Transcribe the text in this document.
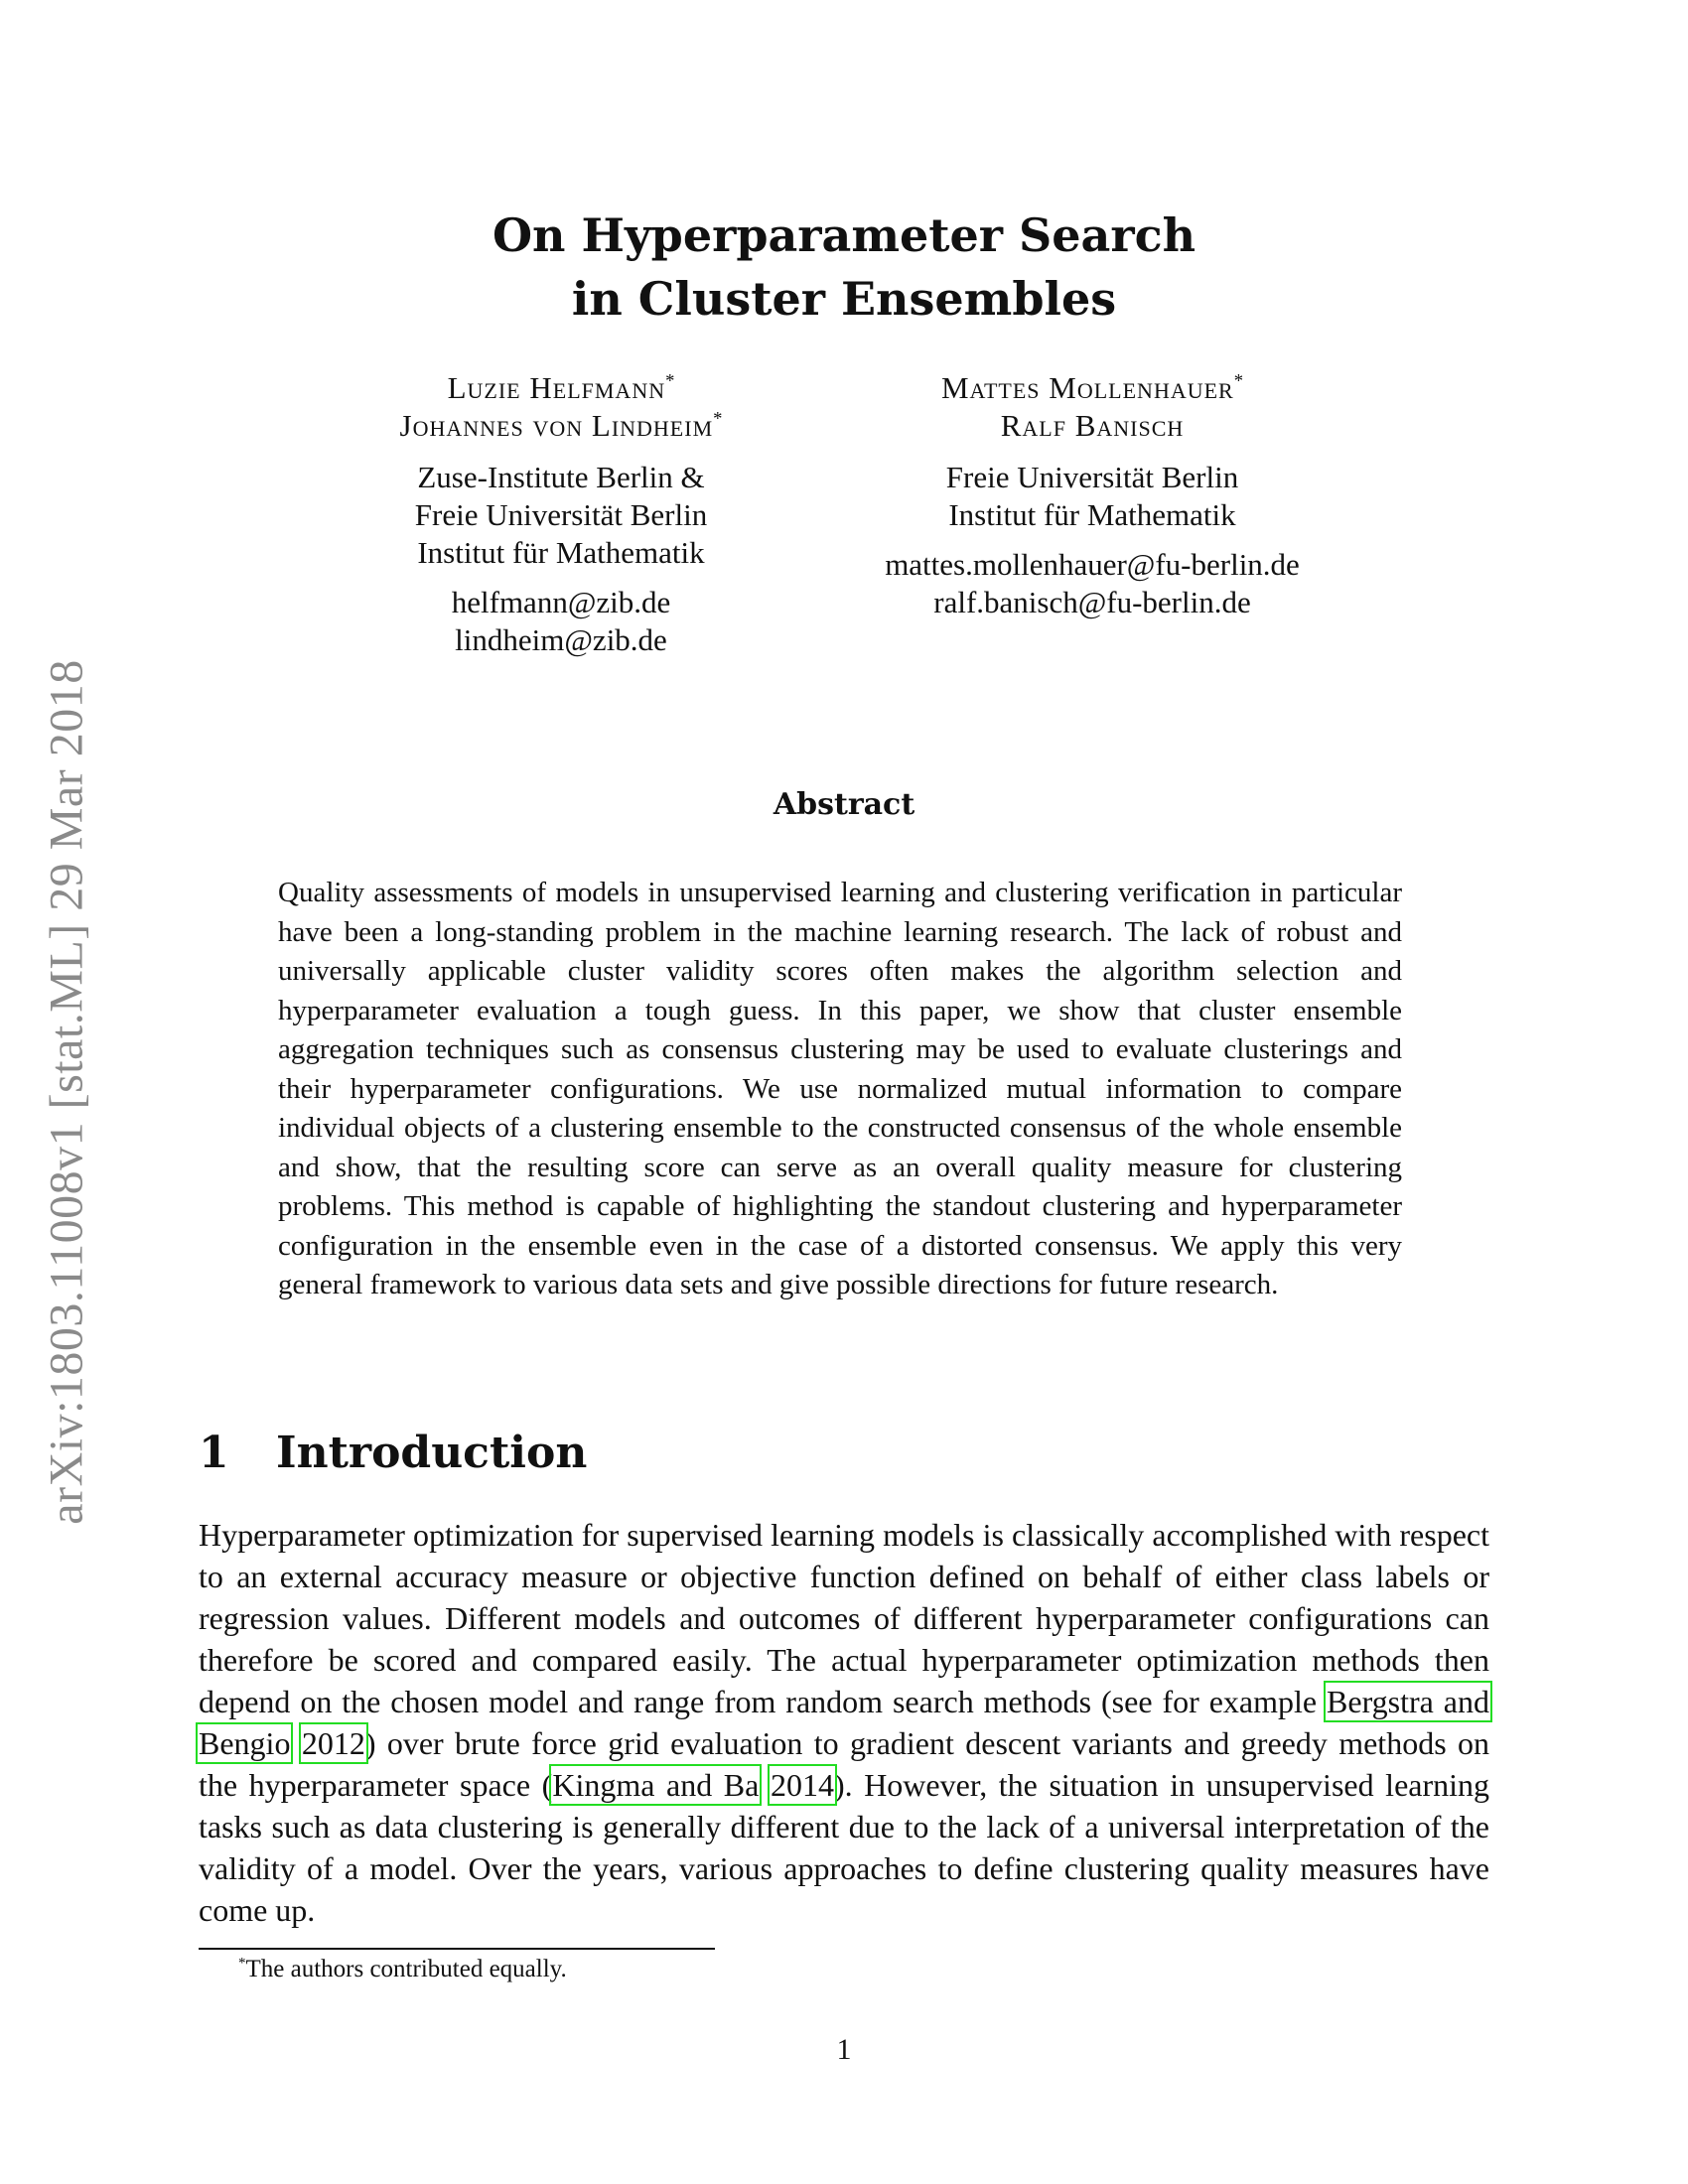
arXiv:1803.11008v1 [stat.ML] 29 Mar 2018
On Hyperparameter Search
in Cluster Ensembles
Luzie Helfmann*
Johannes von Lindheim*
Zuse-Institute Berlin &
Freie Universität Berlin
Institut für Mathematik
helfmann@zib.de
lindheim@zib.de
Mattes Mollenhauer*
Ralf Banisch
Freie Universität Berlin
Institut für Mathematik
mattes.mollenhauer@fu-berlin.de
ralf.banisch@fu-berlin.de
Abstract
Quality assessments of models in unsupervised learning and clustering verification in particular have been a long-standing problem in the machine learning research. The lack of robust and universally applicable cluster validity scores often makes the algorithm selection and hyperparameter evaluation a tough guess. In this paper, we show that cluster ensemble aggregation techniques such as consensus clustering may be used to evaluate clusterings and their hyperparameter configurations. We use normalized mutual information to compare individual objects of a clustering ensemble to the constructed consensus of the whole ensemble and show, that the resulting score can serve as an overall quality measure for clustering problems. This method is capable of highlighting the standout clustering and hyperparameter configuration in the ensemble even in the case of a distorted consensus. We apply this very general framework to various data sets and give possible directions for future research.
1 Introduction
Hyperparameter optimization for supervised learning models is classically accomplished with respect to an external accuracy measure or objective function defined on behalf of either class labels or regression values. Different models and outcomes of different hyperparameter configurations can therefore be scored and compared easily. The actual hyperparameter optimization methods then depend on the chosen model and range from random search methods (see for example Bergstra and Bengio 2012) over brute force grid evaluation to gradient descent variants and greedy methods on the hyperparameter space (Kingma and Ba 2014). However, the situation in unsupervised learning tasks such as data clustering is generally different due to the lack of a universal interpretation of the validity of a model. Over the years, various approaches to define clustering quality measures have come up.
*The authors contributed equally.
1
